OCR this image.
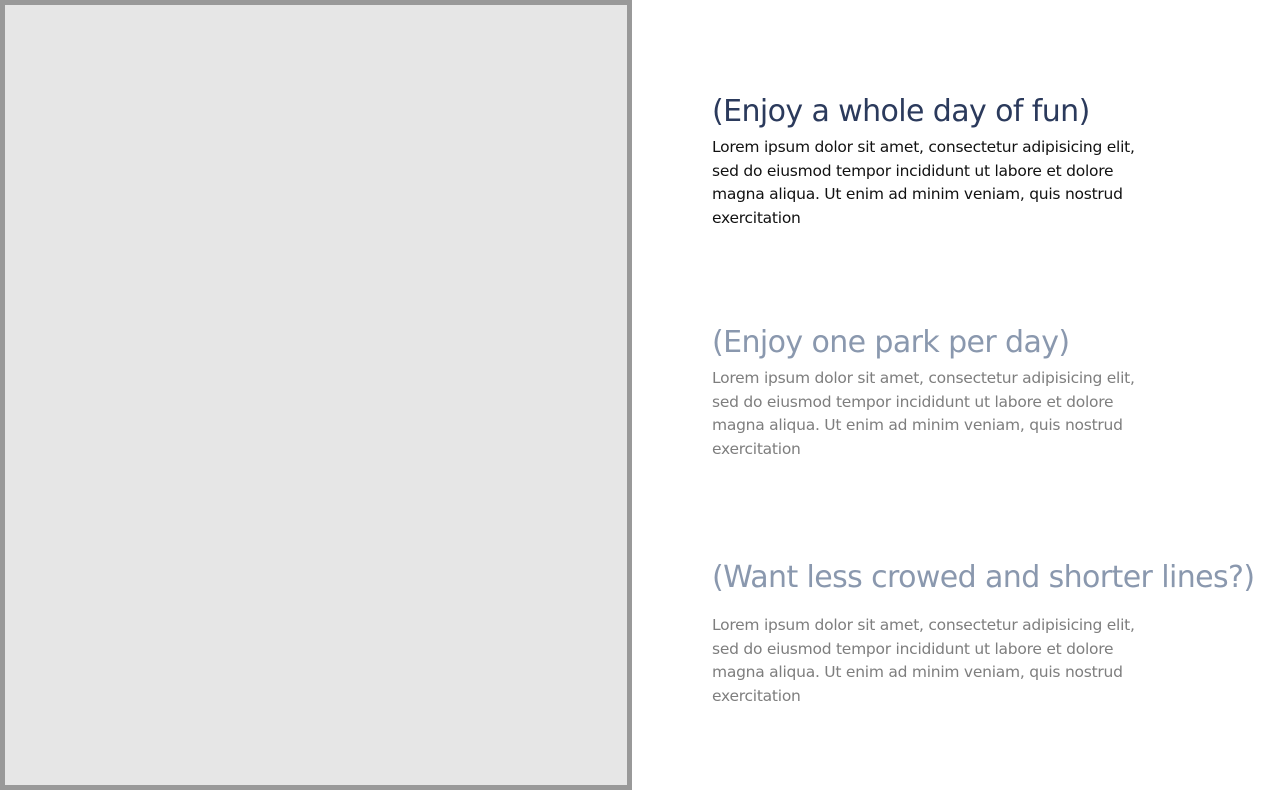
(Enjoy a whole day of fun)

Lorem ipsum dolor sit amet, consectetur adipisicing elit, sed do eiusmod tempor incididunt ut labore et dolore magna aliqua. Ut enim ad minim veniam, quis nostrud exercitation

(Enjoy one park per day)

Lorem ipsum dolor sit amet, consectetur adipisicing elit, sed do eiusmod tempor incididunt ut labore et dolore magna aliqua. Ut enim ad minim veniam, quis nostrud exercitation

(Want less crowed and shorter lines?)

Lorem ipsum dolor sit amet, consectetur adipisicing elit, sed do eiusmod tempor incididunt ut labore et dolore magna aliqua. Ut enim ad minim veniam, quis nostrud exercitation
